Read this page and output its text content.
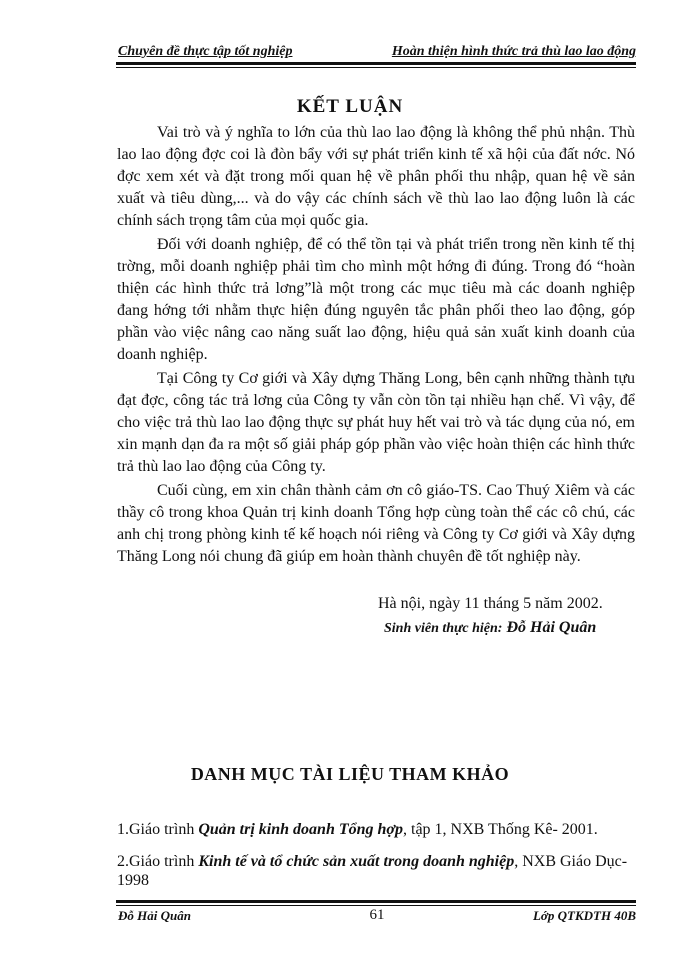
Chuyên đề thực tập tốt nghiệp	Hoàn thiện hình thức trả thù lao lao động
KẾT LUẬN

Vai trò và ý nghĩa to lớn của thù lao lao động là không thể phủ nhận. Thù lao lao động đợc coi là đòn bẩy với sự phát triển kinh tế xã hội của đất nớc. Nó đợc xem xét và đặt trong mối quan hệ về phân phối thu nhập, quan hệ về sản xuất và tiêu dùng,... và do vậy các chính sách về thù lao lao động luôn là các chính sách trọng tâm của mọi quốc gia.

Đối với doanh nghiệp, để có thể tồn tại và phát triển trong nền kinh tế thị trờng, mỗi doanh nghiệp phải tìm cho mình một hớng đi đúng. Trong đó “hoàn thiện các hình thức trả lơng”là một trong các mục tiêu mà các doanh nghiệp đang hớng tới nhằm thực hiện đúng nguyên tắc phân phối theo lao động, góp phần vào việc nâng cao năng suất lao động, hiệu quả sản xuất kinh doanh của doanh nghiệp.

Tại Công ty Cơ giới và Xây dựng Thăng Long, bên cạnh những thành tựu đạt đợc, công tác trả lơng của Công ty vẫn còn tồn tại nhiều hạn chế. Vì vậy, để cho việc trả thù lao lao động thực sự phát huy hết vai trò và tác dụng của nó, em xin mạnh dạn đa ra một số giải pháp góp phần vào việc hoàn thiện các hình thức trả thù lao lao động của Công ty.

Cuối cùng, em xin chân thành cảm ơn cô giáo-TS. Cao Thuý Xiêm và các thầy cô trong khoa Quản trị kinh doanh Tổng hợp cùng toàn thể các cô chú, các anh chị trong phòng kinh tế kế hoạch nói riêng và Công ty Cơ giới và Xây dựng Thăng Long nói chung đã giúp em hoàn thành chuyên đề tốt nghiệp này.

Hà nội, ngày 11 tháng 5 năm 2002.
Sinh viên thực hiện: Đỗ Hải Quân
DANH MỤC TÀI LIỆU THAM KHẢO
1.Giáo trình Quản trị kinh doanh Tổng hợp, tập 1, NXB Thống Kê- 2001.
2.Giáo trình Kinh tế và tổ chức sản xuất trong doanh nghiệp, NXB Giáo Dục- 1998
Đỗ Hải Quân	61	Lớp QTKDTH 40B
